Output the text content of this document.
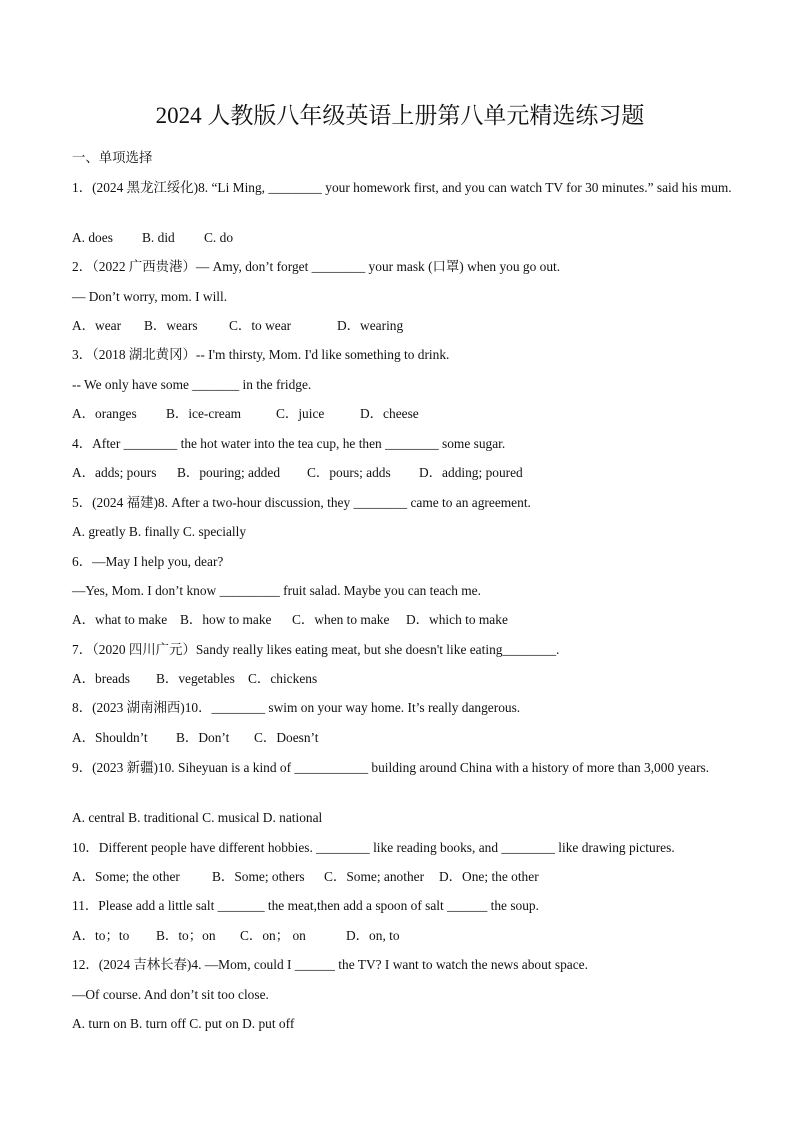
2024 人教版八年级英语上册第八单元精选练习题
一、单项选择
1．(2024 黑龙江绥化)8. “Li Ming, ________ your homework first, and you can watch TV for 30 minutes.” said his mum.
A. does B. did C. do
2．（2022 广西贵港）— Amy, don’t forget ________ your mask (口罩) when you go out.
— Don’t worry, mom. I will.
A．wear B．wears C．to wear	D．wearing
3．（2018 湖北黄冈）-- I'm thirsty, Mom. I'd like something to drink.
-- We only have some _______ in the fridge.
A．oranges B．ice-cream	C．juice	D．cheese
4．After ________ the hot water into the tea cup, he then ________ some sugar.
A．adds; pours B．pouring; added C．pours; adds D．adding; poured
5．(2024 福建)8. After a two-hour discussion, they ________ came to an agreement.
A. greatly B. finally C. specially
6．—May I help you, dear?
—Yes, Mom. I don’t know _________ fruit salad. Maybe you can teach me.
A．what to make B．how to make C．when to make D．which to make
7．（2020 四川广元）Sandy really likes eating meat, but she doesn't like eating________.
A．breads B．vegetables C．chickens
8．(2023 湖南湘西)10．________ swim on your way home. It’s really dangerous.
A．Shouldn’t B．Don’t C．Doesn’t
9．(2023 新疆)10. Siheyuan is a kind of ___________ building around China with a history of more than 3,000 years.
A. central B. traditional C. musical D. national
10．Different people have different hobbies. ________ like reading books, and ________ like drawing pictures.
A．Some; the other B．Some; others C．Some; another D．One; the other
11．Please add a little salt _______ the meat,then add a spoon of salt ______ the soup.
A．to；to B．to；on C．on； on	D．on, to
12．(2024 吉林长春)4. —Mom, could I ______ the TV? I want to watch the news about space.
—Of course. And don’t sit too close.
A. turn on B. turn off C. put on D. put off
